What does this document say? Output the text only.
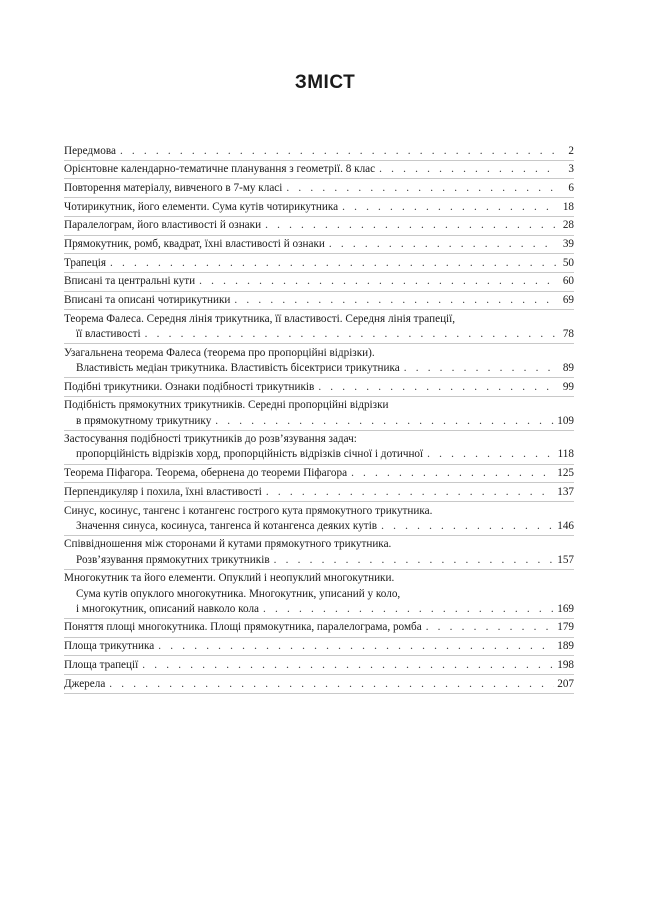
ЗМІСТ
Передмова . . .	2
Орієнтовне календарно-тематичне планування з геометрії. 8 клас . . .	3
Повторення матеріалу, вивченого в 7-му класі . . .	6
Чотирикутник, його елементи. Сума кутів чотирикутника . . .	18
Паралелограм, його властивості й ознаки . . .	28
Прямокутник, ромб, квадрат, їхні властивості й ознаки . . .	39
Трапеція . . .	50
Вписані та центральні кути . . .	60
Вписані та описані чотирикутники . . .	69
Теорема Фалеса. Середня лінія трикутника, її властивості. Середня лінія трапеції,
її властивості . . .	78
Узагальнена теорема Фалеса (теорема про пропорційні відрізки).
Властивість медіан трикутника. Властивість бісектриси трикутника . . .	89
Подібні трикутники. Ознаки подібності трикутників . . .	99
Подібність прямокутних трикутників. Середні пропорційні відрізки
в прямокутному трикутнику . . .	109
Застосування подібності трикутників до розв’язування задач:
пропорційність відрізків хорд, пропорційність відрізків січної і дотичної . . .	118
Теорема Піфагора. Теорема, обернена до теореми Піфагора . . .	125
Перпендикуляр і похила, їхні властивості . . .	137
Синус, косинус, тангенс і котангенс гострого кута прямокутного трикутника.
Значення синуса, косинуса, тангенса й котангенса деяких кутів . . .	146
Співвідношення між сторонами й кутами прямокутного трикутника.
Розв’язування прямокутних трикутників . . .	157
Многокутник та його елементи. Опуклий і неопуклий многокутники.
Сума кутів опуклого многокутника. Многокутник, уписаний у коло,
і многокутник, описаний навколо кола . . .	169
Поняття площі многокутника. Площі прямокутника, паралелограма, ромба . . .	179
Площа трикутника . . .	189
Площа трапеції . . .	198
Джерела . . .	207
